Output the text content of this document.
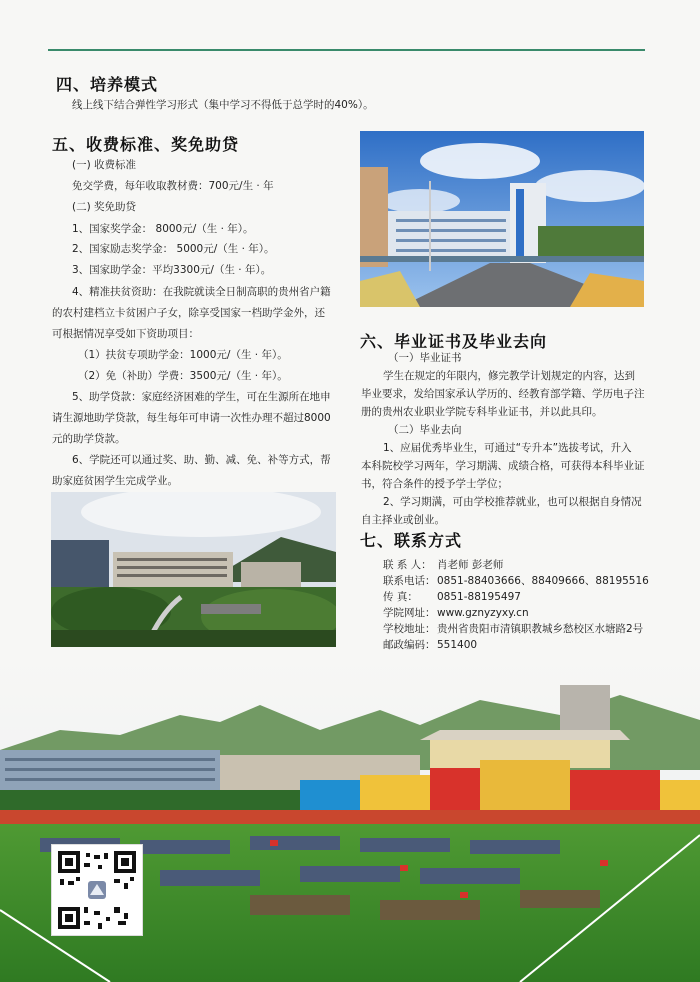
四、培养模式
线上线下结合弹性学习形式（集中学习不得低于总学时的40%）。
五、收费标准、奖免助贷
(一) 收费标准
免交学费，每年收取教材费：700元/生 · 年
(二) 奖免助贷
1、国家奖学金： 8000元/（生 · 年）。
2、国家励志奖学金： 5000元/（生 · 年）。
3、国家助学金：平均3300元/（生 · 年）。
4、精准扶贫资助：在我院就读全日制高职的贵州省户籍
的农村建档立卡贫困户子女，除享受国家一档助学金外，还
可根据情况享受如下资助项目：
（1）扶贫专项助学金：1000元/（生 · 年）。
（2）免（补助）学费：3500元/（生 · 年）。
5、助学贷款：家庭经济困难的学生，可在生源所在地申
请生源地助学贷款，每生每年可申请一次性办理不超过8000
元的助学贷款。
6、学院还可以通过奖、助、勤、减、免、补等方式，帮
助家庭贫困学生完成学业。
六、毕业证书及毕业去向
（一）毕业证书
学生在规定的年限内，修完教学计划规定的内容，达到
毕业要求，发给国家承认学历的、经教育部学籍、学历电子注
册的贵州农业职业学院专科毕业证书，并以此具印。
（二）毕业去向
1、应届优秀毕业生，可通过“专升本”选拔考试，升入
本科院校学习两年，学习期满、成绩合格，可获得本科毕业证
书，符合条件的授予学士学位；
2、学习期满，可由学校推荐就业，也可以根据自身情况
自主择业或创业。
七、联系方式
联 系 人： 肖老师 彭老师
联系电话： 0851-88403666、88409666、88195516
传 真： 0851-88195497
学院网址： www.gznyzyxy.cn
学校地址： 贵州省贵阳市清镇职教城乡愁校区水塘路2号
邮政编码： 551400
